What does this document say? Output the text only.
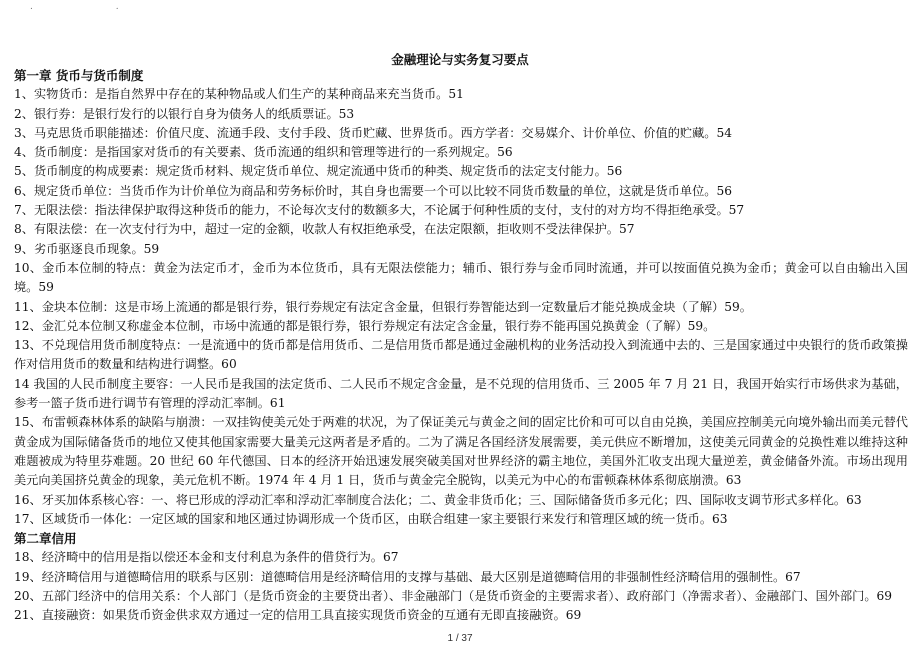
. .
金融理论与实务复习要点
第一章 货币与货币制度
1、实物货币：是指自然界中存在的某种物品或人们生产的某种商品来充当货币。51
2、银行券：是银行发行的以银行自身为债务人的纸质票证。53
3、马克思货币职能描述：价值尺度、流通手段、支付手段、货币贮藏、世界货币。西方学者：交易媒介、计价单位、价值的贮藏。54
4、货币制度：是指国家对货币的有关要素、货币流通的组织和管理等进行的一系列规定。56
5、货币制度的构成要素：规定货币材料、规定货币单位、规定流通中货币的种类、规定货币的法定支付能力。56
6、规定货币单位：当货币作为计价单位为商品和劳务标价时，其自身也需要一个可以比较不同货币数量的单位，这就是货币单位。56
7、无限法偿：指法律保护取得这种货币的能力，不论每次支付的数额多大，不论属于何种性质的支付，支付的对方均不得拒绝承受。57
8、有限法偿：在一次支付行为中，超过一定的金额，收款人有权拒绝承受，在法定限额，拒收则不受法律保护。57
9、劣币驱逐良币现象。59
10、金币本位制的特点：黄金为法定币才，金币为本位货币，具有无限法偿能力；辅币、银行券与金币同时流通，并可以按面值兑换为金币；黄金可以自由输出入国境。59
11、金块本位制：这是市场上流通的都是银行券，银行券规定有法定含金量，但银行券智能达到一定数量后才能兑换成金块（了解）59。
12、金汇兑本位制又称虚金本位制，市场中流通的都是银行券，银行券规定有法定含金量，银行券不能再国兑换黄金（了解）59。
13、不兑现信用货币制度特点：一是流通中的货币都是信用货币、二是信用货币都是通过金融机构的业务活动投入到流通中去的、三是国家通过中央银行的货币政策操作对信用货币的数量和结构进行调整。60
14 我国的人民币制度主要容：一人民币是我国的法定货币、二人民币不规定含金量，是不兑现的信用货币、三 2005 年 7 月 21 日，我国开始实行市场供求为基础，参考一篮子货币进行调节有管理的浮动汇率制。61
15、布雷顿森林体系的缺陷与崩溃：一双挂钩使美元处于两难的状况，为了保证美元与黄金之间的固定比价和可可以自由兑换，美国应控制美元向境外输出而美元替代黄金成为国际储备货币的地位又使其他国家需要大量美元这两者是矛盾的。二为了满足各国经济发展需要，美元供应不断增加，这使美元同黄金的兑换性难以维持这种难题被成为特里芬难题。20 世纪 60 年代德国、日本的经济开始迅速发展突破美国对世界经济的霸主地位，美国外汇收支出现大量逆差，黄金储备外流。市场出现用美元向美国挤兑黄金的现象，美元危机不断。1974 年 4 月 1 日，货币与黄金完全脱钩，以美元为中心的布雷顿森林体系彻底崩溃。63
16、牙买加体系核心容：一、将已形成的浮动汇率和浮动汇率制度合法化；二、黄金非货币化；三、国际储备货币多元化；四、国际收支调节形式多样化。63
17、区域货币一体化：一定区域的国家和地区通过协调形成一个货币区，由联合组建一家主要银行来发行和管理区域的统一货币。63
第二章信用
18、经济畸中的信用是指以偿还本金和支付利息为条件的借贷行为。67
19、经济畸信用与道德畸信用的联系与区别：道德畸信用是经济畸信用的支撑与基础、最大区别是道德畸信用的非强制性经济畸信用的强制性。67
20、五部门经济中的信用关系：个人部门（是货币资金的主要贷出者）、非金融部门（是货币资金的主要需求者）、政府部门（净需求者）、金融部门、国外部门。69
21、直接融资：如果货币资金供求双方通过一定的信用工具直接实现货币资金的互通有无即直接融资。69
1 / 37
